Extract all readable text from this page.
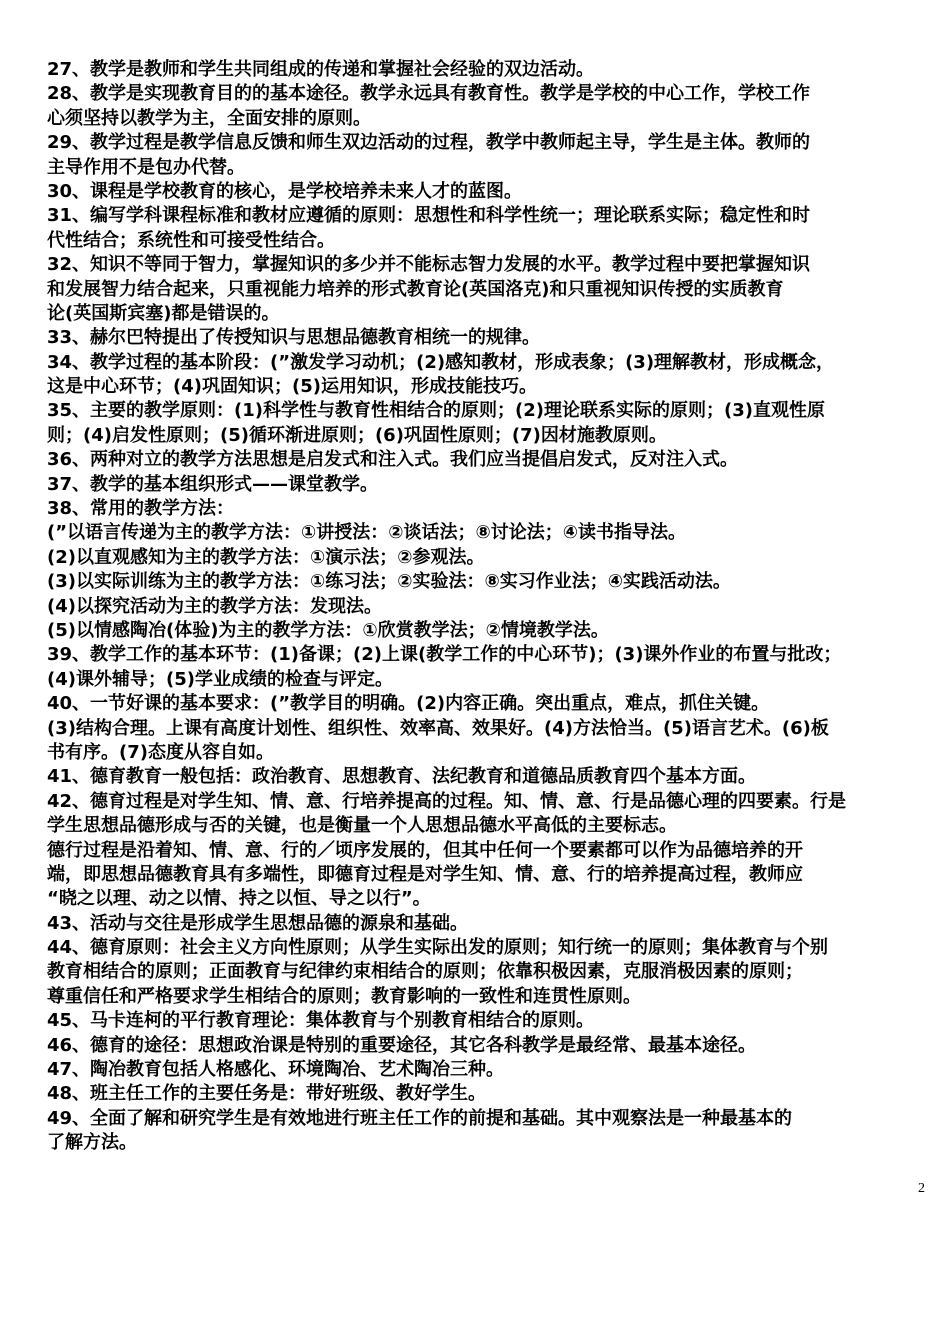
27、教学是教师和学生共同组成的传递和掌握社会经验的双边活动。
28、教学是实现教育目的的基本途径。教学永远具有教育性。教学是学校的中心工作，学校工作
心须坚持以教学为主，全面安排的原则。
29、教学过程是教学信息反馈和师生双边活动的过程，教学中教师起主导，学生是主体。教师的
主导作用不是包办代替。
30、课程是学校教育的核心，是学校培养未来人才的蓝图。
31、编写学科课程标准和教材应遵循的原则：思想性和科学性统一；理论联系实际；稳定性和时
代性结合；系统性和可接受性结合。
32、知识不等同于智力，掌握知识的多少并不能标志智力发展的水平。教学过程中要把掌握知识
和发展智力结合起来，只重视能力培养的形式教育论(英国洛克)和只重视知识传授的实质教育
论(英国斯宾塞)都是错误的。
33、赫尔巴特提出了传授知识与思想品德教育相统一的规律。
34、教学过程的基本阶段：(”激发学习动机；(2)感知教材，形成表象；(3)理解教材，形成概念，
这是中心环节；(4)巩固知识；(5)运用知识，形成技能技巧。
35、主要的教学原则：(1)科学性与教育性相结合的原则；(2)理论联系实际的原则；(3)直观性原
则；(4)启发性原则；(5)循环渐进原则；(6)巩固性原则；(7)因材施教原则。
36、两种对立的教学方法思想是启发式和注入式。我们应当提倡启发式，反对注入式。
37、教学的基本组织形式——课堂教学。
38、常用的教学方法：
(”以语言传递为主的教学方法：①讲授法：②谈话法；⑧讨论法；④读书指导法。
(2)以直观感知为主的教学方法：①演示法；②参观法。
(3)以实际训练为主的教学方法：①练习法；②实验法：⑧实习作业法；④实践活动法。
(4)以探究活动为主的教学方法：发现法。
(5)以情感陶冶(体验)为主的教学方法：①欣赏教学法；②情境教学法。
39、教学工作的基本环节：(1)备课；(2)上课(教学工作的中心环节)；(3)课外作业的布置与批改；
(4)课外辅导；(5)学业成绩的检查与评定。
40、一节好课的基本要求：(”教学目的明确。(2)内容正确。突出重点，难点，抓住关键。
(3)结构合理。上课有高度计划性、组织性、效率高、效果好。(4)方法恰当。(5)语言艺术。(6)板
书有序。(7)态度从容自如。
41、德育教育一般包括：政治教育、思想教育、法纪教育和道德品质教育四个基本方面。
42、德育过程是对学生知、情、意、行培养提高的过程。知、情、意、行是品德心理的四要素。行是
学生思想品德形成与否的关键，也是衡量一个人思想品德水平高低的主要标志。
德行过程是沿着知、情、意、行的／顷序发展的，但其中任何一个要素都可以作为品德培养的开
端，即思想品德教育具有多端性，即德育过程是对学生知、情、意、行的培养提高过程，教师应
“晓之以理、动之以情、持之以恒、导之以行”。
43、活动与交往是形成学生思想品德的源泉和基础。
44、德育原则：社会主义方向性原则；从学生实际出发的原则；知行统一的原则；集体教育与个别
教育相结合的原则；正面教育与纪律约束相结合的原则；依靠积极因素，克服消极因素的原则；
尊重信任和严格要求学生相结合的原则；教育影响的一致性和连贯性原则。
45、马卡连柯的平行教育理论：集体教育与个别教育相结合的原则。
46、德育的途径：思想政治课是特别的重要途径，其它各科教学是最经常、最基本途径。
47、陶冶教育包括人格感化、环境陶冶、艺术陶冶三种。
48、班主任工作的主要任务是：带好班级、教好学生。
49、全面了解和研究学生是有效地进行班主任工作的前提和基础。其中观察法是一种最基本的
了解方法。
2
